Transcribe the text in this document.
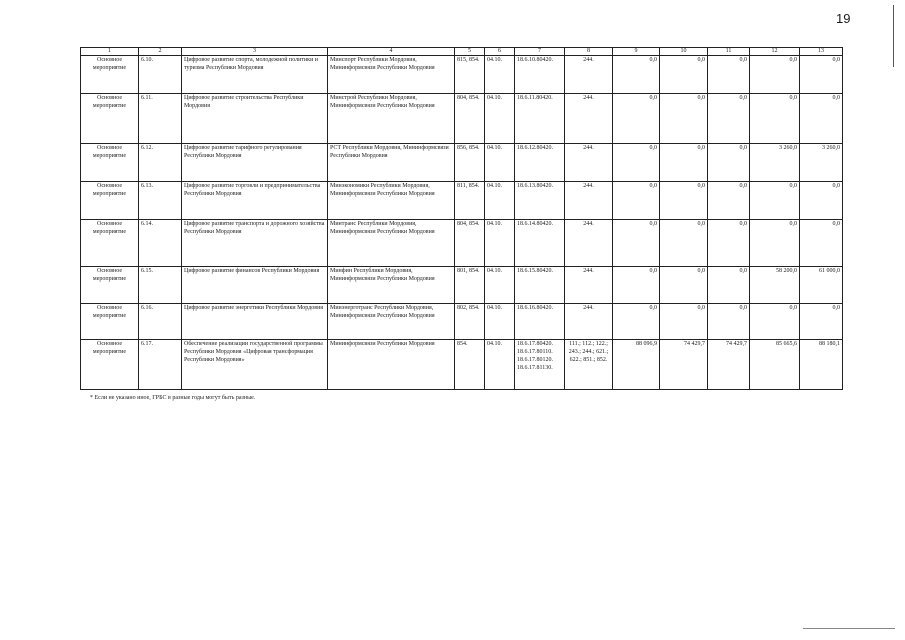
19
1	2	3	4	5	6	7	8	9	10	11	12	13
Основное мероприятие	6.10.	Цифровое развитие спорта, молодежной политики и туризма Республики Мордовия	Минспорт Республики Мордовия, Мининформсвязи Республики Мордовия	815, 854.	04.10.	18.6.10.80420.	244.	0,0	0,0	0,0	0,0	0,0
Основное мероприятие	6.11.	Цифровое развитие строительства Республики Мордовия	Минстрой Республики Мордовия, Мининформсвязи Республики Мордовия	804, 854.	04.10.	18.6.11.80420.	244.	0,0	0,0	0,0	0,0	0,0
Основное мероприятие	6.12.	Цифровое развитие тарифного регулирования Республики Мордовия	РСТ Республики Мордовия, Мининформсвязи Республики Мордовия	856, 854.	04.10.	18.6.12.80420.	244.	0,0	0,0	0,0	3 260,0	3 260,0
Основное мероприятие	6.13.	Цифровое развитие торговли и предпринимательства Республики Мордовия	Минэкономики Республики Мордовия, Мининформсвязи Республики Мордовия	811, 854.	04.10.	18.6.13.80420.	244.	0,0	0,0	0,0	0,0	0,0
Основное мероприятие	6.14.	Цифровое развитие транспорта и дорожного хозяйства Республики Мордовия	Минтранс Республики Мордовия, Мининформсвязи Республики Мордовия	804, 854.	04.10.	18.6.14.80420.	244.	0,0	0,0	0,0	0,0	0,0
Основное мероприятие	6.15.	Цифровое развитие финансов Республики Мордовия	Минфин Республики Мордовия, Мининформсвязи Республики Мордовия	801, 854.	04.10.	18.6.15.80420.	244.	0,0	0,0	0,0	58 200,0	61 000,0
Основное мероприятие	6.16.	Цифровое развитие энергетики Республики Мордовия	Минэнерготранс Республики Мордовия, Мининформсвязи Республики Мордовия	802, 854.	04.10.	18.6.16.80420.	244.	0,0	0,0	0,0	0,0	0,0
Основное мероприятие	6.17.	Обеспечение реализации государственной программы Республики Мордовия «Цифровая трансформация Республики Мордовия»	Мининформсвязи Республики Мордовия	854.	04.10.	18.6.17.80420. 18.6.17.80110. 18.6.17.80120. 18.6.17.81130.	111.; 112.; 122.; 243.; 244.; 621.; 622.; 851.; 852.	88 096,9	74 429,7	74 429,7	85 665,6	88 180,1
* Если не указано иное, ГРБС в разные годы могут быть разные.
